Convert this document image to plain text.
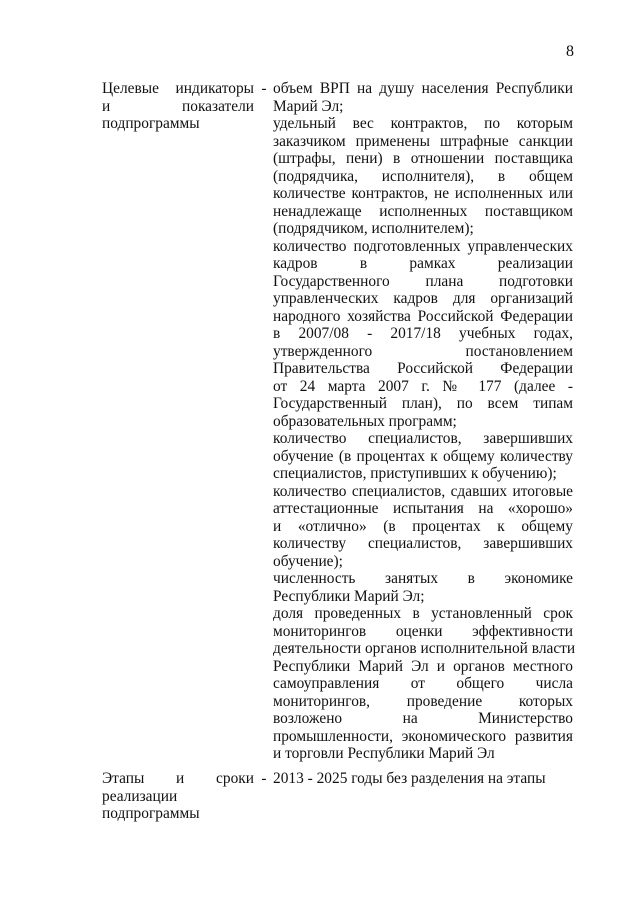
8
Целевые индикаторы
и показатели
подпрограммы
- объем ВРП на душу населения Республики
Марий Эл;
удельный вес контрактов, по которым
заказчиком применены штрафные санкции
(штрафы, пени) в отношении поставщика
(подрядчика, исполнителя), в общем
количестве контрактов, не исполненных или
ненадлежаще исполненных поставщиком
(подрядчиком, исполнителем);
количество подготовленных управленческих
кадров в рамках реализации
Государственного плана подготовки
управленческих кадров для организаций
народного хозяйства Российской Федерации
в 2007/08 - 2017/18 учебных годах,
утвержденного постановлением
Правительства Российской Федерации
от 24 марта 2007 г. № 177 (далее -
Государственный план), по всем типам
образовательных программ;
количество специалистов, завершивших
обучение (в процентах к общему количеству
специалистов, приступивших к обучению);
количество специалистов, сдавших итоговые
аттестационные испытания на «хорошо»
и «отлично» (в процентах к общему
количеству специалистов, завершивших
обучение);
численность занятых в экономике
Республики Марий Эл;
доля проведенных в установленный срок
мониторингов оценки эффективности
деятельности органов исполнительной власти
Республики Марий Эл и органов местного
самоуправления от общего числа
мониторингов, проведение которых
возложено на Министерство
промышленности, экономического развития
и торговли Республики Марий Эл
Этапы и сроки
реализации
подпрограммы
- 2013 - 2025 годы без разделения на этапы
